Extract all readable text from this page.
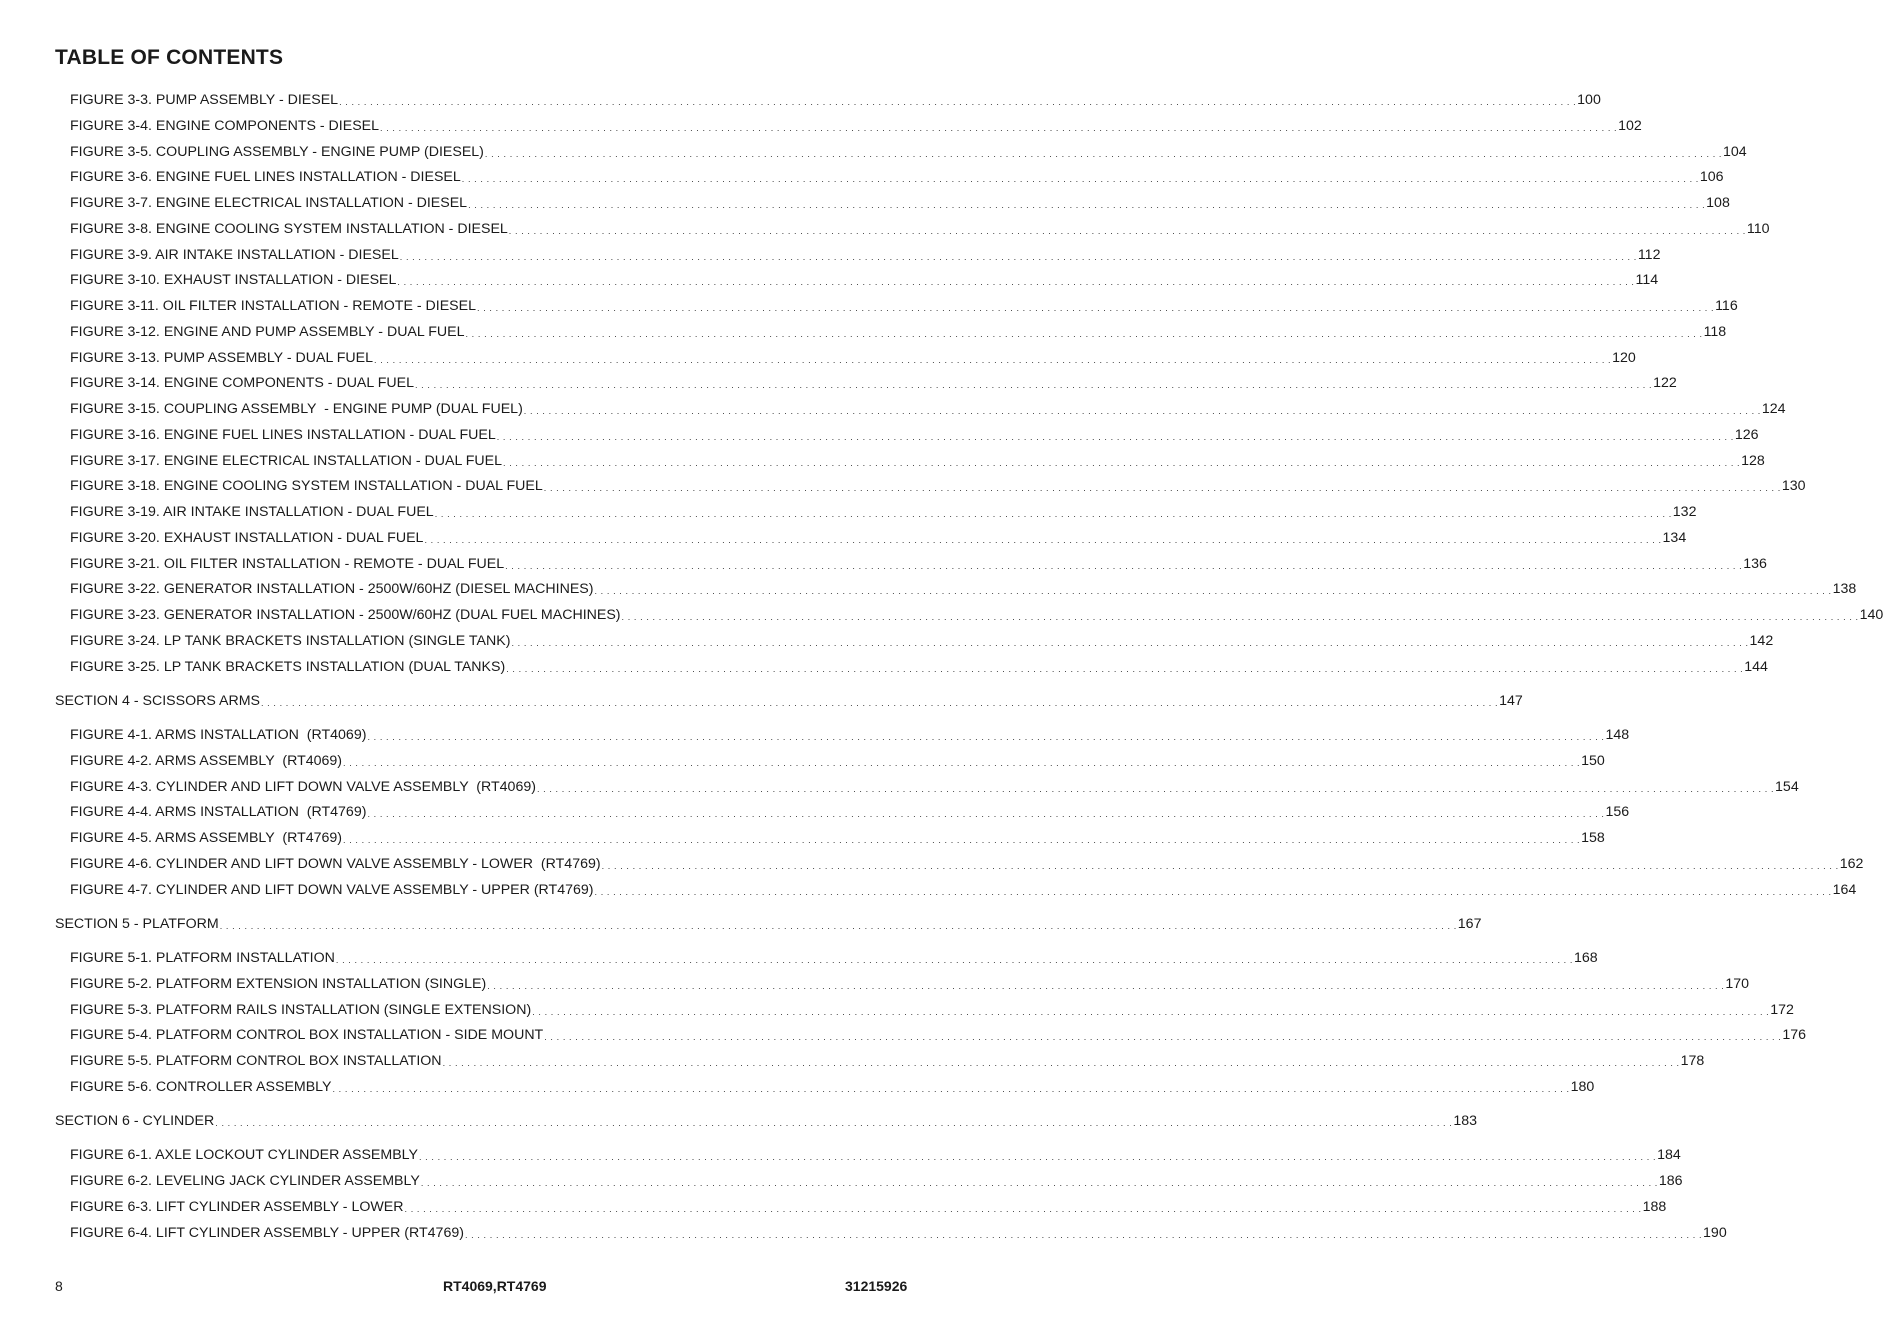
TABLE OF CONTENTS
FIGURE 3-3. PUMP ASSEMBLY - DIESEL . . . . . . . . . . . . . . . . . . . . . . . . . . . . . . . . . . . . . . . . . . . . . . . . . . . . . . . . . . . . . . . . . . . . . . . . . . . . . . . . . . . . . . . . . . . . . . . . . . . . . . . . . . . . . . . . . . . . . . . . . . . . . . . . . . . . . . . . . . . . . . . . . . . . . . . . . . . . . . . . . . . . . . . . . . . . . . . . . . . . . . . . . . . . . . . . . . . . . . . . 100
FIGURE 3-4. ENGINE COMPONENTS - DIESEL . . . . . . . . . . . . . . . . . . . . . . . . . . . . . . . . . . . . . . . . . . . . . . . . . . . . . . . . . . . . . . . . . . . . . . . . . . . . . . . . . . . . . . . . . . . . . . . . . . . . . . . . . . . . . . . . . . . . . . . . . . . . . . . . . . . . . . . . . . . . . . . . . . . . . . . . . . . . . . . . . . . . . . . . . . . . . . . . . . . . . . . . . . . . . . . . . . . . . . . . 102
FIGURE 3-5. COUPLING ASSEMBLY - ENGINE PUMP (DIESEL) . . . . . . . . . . . . . . . . . . . . . . . . . . . . . . . . . . . . . . . . . . . . . . . . . . . . . . . . . . . . . . . . . . . . . . . . . . . . . . . . . . . . . . . . . . . . . . . . . . . . . . . . . . . . . . . . . . . . . . . . . . . . . . . . . . . . . . . . . . . . . . . . . . . . . . . . . . . . . . . . . . . . . . . . . . . . . . . . . . . . . . . . . . . . . . . . . . . . . . . . 104
FIGURE 3-6. ENGINE FUEL LINES INSTALLATION - DIESEL . . . . . . . . . . . . . . . . . . . . . . . . . . . . . . . . . . . . . . . . . . . . . . . . . . . . . . . . . . . . . . . . . . . . . . . . . . . . . . . . . . . . . . . . . . . . . . . . . . . . . . . . . . . . . . . . . . . . . . . . . . . . . . . . . . . . . . . . . . . . . . . . . . . . . . . . . . . . . . . . . . . . . . . . . . . . . . . . . . . . . . . . . . . . . . . . . . . . . . . . 106
FIGURE 3-7. ENGINE ELECTRICAL INSTALLATION - DIESEL . . . . . . . . . . . . . . . . . . . . . . . . . . . . . . . . . . . . . . . . . . . . . . . . . . . . . . . . . . . . . . . . . . . . . . . . . . . . . . . . . . . . . . . . . . . . . . . . . . . . . . . . . . . . . . . . . . . . . . . . . . . . . . . . . . . . . . . . . . . . . . . . . . . . . . . . . . . . . . . . . . . . . . . . . . . . . . . . . . . . . . . . . . . . . . . . . . . . . . . . 108
FIGURE 3-8. ENGINE COOLING SYSTEM INSTALLATION - DIESEL . . . . . . . . . . . . . . . . . . . . . . . . . . . . . . . . . . . . . . . . . . . . . . . . . . . . . . . . . . . . . . . . . . . . . . . . . . . . . . . . . . . . . . . . . . . . . . . . . . . . . . . . . . . . . . . . . . . . . . . . . . . . . . . . . . . . . . . . . . . . . . . . . . . . . . . . . . . . . . . . . . . . . . . . . . . . . . . . . . . . . . . . . . . . . . . . . . . . . . . . 110
FIGURE 3-9. AIR INTAKE INSTALLATION - DIESEL . . . . . . . . . . . . . . . . . . . . . . . . . . . . . . . . . . . . . . . . . . . . . . . . . . . . . . . . . . . . . . . . . . . . . . . . . . . . . . . . . . . . . . . . . . . . . . . . . . . . . . . . . . . . . . . . . . . . . . . . . . . . . . . . . . . . . . . . . . . . . . . . . . . . . . . . . . . . . . . . . . . . . . . . . . . . . . . . . . . . . . . . . . . . . . . . . . . . . . . . 112
FIGURE 3-10. EXHAUST INSTALLATION - DIESEL . . . . . . . . . . . . . . . . . . . . . . . . . . . . . . . . . . . . . . . . . . . . . . . . . . . . . . . . . . . . . . . . . . . . . . . . . . . . . . . . . . . . . . . . . . . . . . . . . . . . . . . . . . . . . . . . . . . . . . . . . . . . . . . . . . . . . . . . . . . . . . . . . . . . . . . . . . . . . . . . . . . . . . . . . . . . . . . . . . . . . . . . . . . . . . . . . . . . . . . . 114
FIGURE 3-11. OIL FILTER INSTALLATION - REMOTE - DIESEL . . . . . . . . . . . . . . . . . . . . . . . . . . . . . . . . . . . . . . . . . . . . . . . . . . . . . . . . . . . . . . . . . . . . . . . . . . . . . . . . . . . . . . . . . . . . . . . . . . . . . . . . . . . . . . . . . . . . . . . . . . . . . . . . . . . . . . . . . . . . . . . . . . . . . . . . . . . . . . . . . . . . . . . . . . . . . . . . . . . . . . . . . . . . . . . . . . . . . . . . 116
FIGURE 3-12. ENGINE AND PUMP ASSEMBLY - DUAL FUEL . . . . . . . . . . . . . . . . . . . . . . . . . . . . . . . . . . . . . . . . . . . . . . . . . . . . . . . . . . . . . . . . . . . . . . . . . . . . . . . . . . . . . . . . . . . . . . . . . . . . . . . . . . . . . . . . . . . . . . . . . . . . . . . . . . . . . . . . . . . . . . . . . . . . . . . . . . . . . . . . . . . . . . . . . . . . . . . . . . . . . . . . . . . . . . . . . . . . . . . . 118
FIGURE 3-13. PUMP ASSEMBLY - DUAL FUEL . . . . . . . . . . . . . . . . . . . . . . . . . . . . . . . . . . . . . . . . . . . . . . . . . . . . . . . . . . . . . . . . . . . . . . . . . . . . . . . . . . . . . . . . . . . . . . . . . . . . . . . . . . . . . . . . . . . . . . . . . . . . . . . . . . . . . . . . . . . . . . . . . . . . . . . . . . . . . . . . . . . . . . . . . . . . . . . . . . . . . . . . . . . . . . . . . . . . . . . . 120
FIGURE 3-14. ENGINE COMPONENTS - DUAL FUEL . . . . . . . . . . . . . . . . . . . . . . . . . . . . . . . . . . . . . . . . . . . . . . . . . . . . . . . . . . . . . . . . . . . . . . . . . . . . . . . . . . . . . . . . . . . . . . . . . . . . . . . . . . . . . . . . . . . . . . . . . . . . . . . . . . . . . . . . . . . . . . . . . . . . . . . . . . . . . . . . . . . . . . . . . . . . . . . . . . . . . . . . . . . . . . . . . . . . . . . . 122
FIGURE 3-15. COUPLING ASSEMBLY  - ENGINE PUMP (DUAL FUEL) . . . . . . . . . . . . . . . . . . . . . . . . . . . . . . . . . . . . . . . . . . . . . . . . . . . . . . . . . . . . . . . . . . . . . . . . . . . . . . . . . . . . . . . . . . . . . . . . . . . . . . . . . . . . . . . . . . . . . . . . . . . . . . . . . . . . . . . . . . . . . . . . . . . . . . . . . . . . . . . . . . . . . . . . . . . . . . . . . . . . . . . . . . . . . . . . . . . . . . . . 124
FIGURE 3-16. ENGINE FUEL LINES INSTALLATION - DUAL FUEL . . . . . . . . . . . . . . . . . . . . . . . . . . . . . . . . . . . . . . . . . . . . . . . . . . . . . . . . . . . . . . . . . . . . . . . . . . . . . . . . . . . . . . . . . . . . . . . . . . . . . . . . . . . . . . . . . . . . . . . . . . . . . . . . . . . . . . . . . . . . . . . . . . . . . . . . . . . . . . . . . . . . . . . . . . . . . . . . . . . . . . . . . . . . . . . . . . . . . . . . 126
FIGURE 3-17. ENGINE ELECTRICAL INSTALLATION - DUAL FUEL . . . . . . . . . . . . . . . . . . . . . . . . . . . . . . . . . . . . . . . . . . . . . . . . . . . . . . . . . . . . . . . . . . . . . . . . . . . . . . . . . . . . . . . . . . . . . . . . . . . . . . . . . . . . . . . . . . . . . . . . . . . . . . . . . . . . . . . . . . . . . . . . . . . . . . . . . . . . . . . . . . . . . . . . . . . . . . . . . . . . . . . . . . . . . . . . . . . . . . . . 128
FIGURE 3-18. ENGINE COOLING SYSTEM INSTALLATION - DUAL FUEL . . . . . . . . . . . . . . . . . . . . . . . . . . . . . . . . . . . . . . . . . . . . . . . . . . . . . . . . . . . . . . . . . . . . . . . . . . . . . . . . . . . . . . . . . . . . . . . . . . . . . . . . . . . . . . . . . . . . . . . . . . . . . . . . . . . . . . . . . . . . . . . . . . . . . . . . . . . . . . . . . . . . . . . . . . . . . . . . . . . . . . . . . . . . . . . . . . . . . . . . 130
FIGURE 3-19. AIR INTAKE INSTALLATION - DUAL FUEL . . . . . . . . . . . . . . . . . . . . . . . . . . . . . . . . . . . . . . . . . . . . . . . . . . . . . . . . . . . . . . . . . . . . . . . . . . . . . . . . . . . . . . . . . . . . . . . . . . . . . . . . . . . . . . . . . . . . . . . . . . . . . . . . . . . . . . . . . . . . . . . . . . . . . . . . . . . . . . . . . . . . . . . . . . . . . . . . . . . . . . . . . . . . . . . . . . . . . . . . 132
FIGURE 3-20. EXHAUST INSTALLATION - DUAL FUEL . . . . . . . . . . . . . . . . . . . . . . . . . . . . . . . . . . . . . . . . . . . . . . . . . . . . . . . . . . . . . . . . . . . . . . . . . . . . . . . . . . . . . . . . . . . . . . . . . . . . . . . . . . . . . . . . . . . . . . . . . . . . . . . . . . . . . . . . . . . . . . . . . . . . . . . . . . . . . . . . . . . . . . . . . . . . . . . . . . . . . . . . . . . . . . . . . . . . . . . . 134
FIGURE 3-21. OIL FILTER INSTALLATION - REMOTE - DUAL FUEL . . . . . . . . . . . . . . . . . . . . . . . . . . . . . . . . . . . . . . . . . . . . . . . . . . . . . . . . . . . . . . . . . . . . . . . . . . . . . . . . . . . . . . . . . . . . . . . . . . . . . . . . . . . . . . . . . . . . . . . . . . . . . . . . . . . . . . . . . . . . . . . . . . . . . . . . . . . . . . . . . . . . . . . . . . . . . . . . . . . . . . . . . . . . . . . . . . . . . . . . 136
FIGURE 3-22. GENERATOR INSTALLATION - 2500W/60HZ (DIESEL MACHINES) . . . . . . . . . . . . . . . . . . . . . . . . . . . . . . . . . . . . . . . . . . . . . . . . . . . . . . . . . . . . . . . . . . . . . . . . . . . . . . . . . . . . . . . . . . . . . . . . . . . . . . . . . . . . . . . . . . . . . . . . . . . . . . . . . . . . . . . . . . . . . . . . . . . . . . . . . . . . . . . . . . . . . . . . . . . . . . . . . . . . . . . . . . . . . . . . . . . . . . . . 138
FIGURE 3-23. GENERATOR INSTALLATION - 2500W/60HZ (DUAL FUEL MACHINES) . . . . . . . . . . . . . . . . . . . . . . . . . . . . . . . . . . . . . . . . . . . . . . . . . . . . . . . . . . . . . . . . . . . . . . . . . . . . . . . . . . . . . . . . . . . . . . . . . . . . . . . . . . . . . . . . . . . . . . . . . . . . . . . . . . . . . . . . . . . . . . . . . . . . . . . . . . . . . . . . . . . . . . . . . . . . . . . . . . . . . . . . . . . . . . . . . . . . . . . . 140
FIGURE 3-24. LP TANK BRACKETS INSTALLATION (SINGLE TANK) . . . . . . . . . . . . . . . . . . . . . . . . . . . . . . . . . . . . . . . . . . . . . . . . . . . . . . . . . . . . . . . . . . . . . . . . . . . . . . . . . . . . . . . . . . . . . . . . . . . . . . . . . . . . . . . . . . . . . . . . . . . . . . . . . . . . . . . . . . . . . . . . . . . . . . . . . . . . . . . . . . . . . . . . . . . . . . . . . . . . . . . . . . . . . . . . . . . . . . . . 142
FIGURE 3-25. LP TANK BRACKETS INSTALLATION (DUAL TANKS) . . . . . . . . . . . . . . . . . . . . . . . . . . . . . . . . . . . . . . . . . . . . . . . . . . . . . . . . . . . . . . . . . . . . . . . . . . . . . . . . . . . . . . . . . . . . . . . . . . . . . . . . . . . . . . . . . . . . . . . . . . . . . . . . . . . . . . . . . . . . . . . . . . . . . . . . . . . . . . . . . . . . . . . . . . . . . . . . . . . . . . . . . . . . . . . . . . . . . . . . 144
SECTION 4 - SCISSORS ARMS . . . . . . . . . . . . . . . . . . . . . . . . . . . . . . . . . . . . . . . . . . . . . . . . . . . . . . . . . . . . . . . . . . . . . . . . . . . . . . . . . . . . . . . . . . . . . . . . . . . . . . . . . . . . . . . . . . . . . . . . . . . . . . . . . . . . . . . . . . . . . . . . . . . . . . . . . . . . . . . . . . . . . . . . . . . . . . . . . . . . . . . . . . . . . . . . . . . . . . . . 147
FIGURE 4-1. ARMS INSTALLATION  (RT4069) . . . . . . . . . . . . . . . . . . . . . . . . . . . . . . . . . . . . . . . . . . . . . . . . . . . . . . . . . . . . . . . . . . . . . . . . . . . . . . . . . . . . . . . . . . . . . . . . . . . . . . . . . . . . . . . . . . . . . . . . . . . . . . . . . . . . . . . . . . . . . . . . . . . . . . . . . . . . . . . . . . . . . . . . . . . . . . . . . . . . . . . . . . . . . . . . . . . . . . . . 148
FIGURE 4-2. ARMS ASSEMBLY  (RT4069) . . . . . . . . . . . . . . . . . . . . . . . . . . . . . . . . . . . . . . . . . . . . . . . . . . . . . . . . . . . . . . . . . . . . . . . . . . . . . . . . . . . . . . . . . . . . . . . . . . . . . . . . . . . . . . . . . . . . . . . . . . . . . . . . . . . . . . . . . . . . . . . . . . . . . . . . . . . . . . . . . . . . . . . . . . . . . . . . . . . . . . . . . . . . . . . . . . . . . . . . 150
FIGURE 4-3. CYLINDER AND LIFT DOWN VALVE ASSEMBLY  (RT4069) . . . . . . . . . . . . . . . . . . . . . . . . . . . . . . . . . . . . . . . . . . . . . . . . . . . . . . . . . . . . . . . . . . . . . . . . . . . . . . . . . . . . . . . . . . . . . . . . . . . . . . . . . . . . . . . . . . . . . . . . . . . . . . . . . . . . . . . . . . . . . . . . . . . . . . . . . . . . . . . . . . . . . . . . . . . . . . . . . . . . . . . . . . . . . . . . . . . . . . . . 154
FIGURE 4-4. ARMS INSTALLATION  (RT4769) . . . . . . . . . . . . . . . . . . . . . . . . . . . . . . . . . . . . . . . . . . . . . . . . . . . . . . . . . . . . . . . . . . . . . . . . . . . . . . . . . . . . . . . . . . . . . . . . . . . . . . . . . . . . . . . . . . . . . . . . . . . . . . . . . . . . . . . . . . . . . . . . . . . . . . . . . . . . . . . . . . . . . . . . . . . . . . . . . . . . . . . . . . . . . . . . . . . . . . . . 156
FIGURE 4-5. ARMS ASSEMBLY  (RT4769) . . . . . . . . . . . . . . . . . . . . . . . . . . . . . . . . . . . . . . . . . . . . . . . . . . . . . . . . . . . . . . . . . . . . . . . . . . . . . . . . . . . . . . . . . . . . . . . . . . . . . . . . . . . . . . . . . . . . . . . . . . . . . . . . . . . . . . . . . . . . . . . . . . . . . . . . . . . . . . . . . . . . . . . . . . . . . . . . . . . . . . . . . . . . . . . . . . . . . . . . 158
FIGURE 4-6. CYLINDER AND LIFT DOWN VALVE ASSEMBLY - LOWER  (RT4769) . . . . . . . . . . . . . . . . . . . . . . . . . . . . . . . . . . . . . . . . . . . . . . . . . . . . . . . . . . . . . . . . . . . . . . . . . . . . . . . . . . . . . . . . . . . . . . . . . . . . . . . . . . . . . . . . . . . . . . . . . . . . . . . . . . . . . . . . . . . . . . . . . . . . . . . . . . . . . . . . . . . . . . . . . . . . . . . . . . . . . . . . . . . . . . . . . . . . . . . . 162
FIGURE 4-7. CYLINDER AND LIFT DOWN VALVE ASSEMBLY - UPPER (RT4769) . . . . . . . . . . . . . . . . . . . . . . . . . . . . . . . . . . . . . . . . . . . . . . . . . . . . . . . . . . . . . . . . . . . . . . . . . . . . . . . . . . . . . . . . . . . . . . . . . . . . . . . . . . . . . . . . . . . . . . . . . . . . . . . . . . . . . . . . . . . . . . . . . . . . . . . . . . . . . . . . . . . . . . . . . . . . . . . . . . . . . . . . . . . . . . . . . . . . . . . . 164
SECTION 5 - PLATFORM . . . . . . . . . . . . . . . . . . . . . . . . . . . . . . . . . . . . . . . . . . . . . . . . . . . . . . . . . . . . . . . . . . . . . . . . . . . . . . . . . . . . . . . . . . . . . . . . . . . . . . . . . . . . . . . . . . . . . . . . . . . . . . . . . . . . . . . . . . . . . . . . . . . . . . . . . . . . . . . . . . . . . . . . . . . . . . . . . . . . . . . . . . . . . . . . . . . . . . . . 167
FIGURE 5-1. PLATFORM INSTALLATION . . . . . . . . . . . . . . . . . . . . . . . . . . . . . . . . . . . . . . . . . . . . . . . . . . . . . . . . . . . . . . . . . . . . . . . . . . . . . . . . . . . . . . . . . . . . . . . . . . . . . . . . . . . . . . . . . . . . . . . . . . . . . . . . . . . . . . . . . . . . . . . . . . . . . . . . . . . . . . . . . . . . . . . . . . . . . . . . . . . . . . . . . . . . . . . . . . . . . . . . 168
FIGURE 5-2. PLATFORM EXTENSION INSTALLATION (SINGLE) . . . . . . . . . . . . . . . . . . . . . . . . . . . . . . . . . . . . . . . . . . . . . . . . . . . . . . . . . . . . . . . . . . . . . . . . . . . . . . . . . . . . . . . . . . . . . . . . . . . . . . . . . . . . . . . . . . . . . . . . . . . . . . . . . . . . . . . . . . . . . . . . . . . . . . . . . . . . . . . . . . . . . . . . . . . . . . . . . . . . . . . . . . . . . . . . . . . . . . . . 170
FIGURE 5-3. PLATFORM RAILS INSTALLATION (SINGLE EXTENSION) . . . . . . . . . . . . . . . . . . . . . . . . . . . . . . . . . . . . . . . . . . . . . . . . . . . . . . . . . . . . . . . . . . . . . . . . . . . . . . . . . . . . . . . . . . . . . . . . . . . . . . . . . . . . . . . . . . . . . . . . . . . . . . . . . . . . . . . . . . . . . . . . . . . . . . . . . . . . . . . . . . . . . . . . . . . . . . . . . . . . . . . . . . . . . . . . . . . . . . . . 172
FIGURE 5-4. PLATFORM CONTROL BOX INSTALLATION - SIDE MOUNT . . . . . . . . . . . . . . . . . . . . . . . . . . . . . . . . . . . . . . . . . . . . . . . . . . . . . . . . . . . . . . . . . . . . . . . . . . . . . . . . . . . . . . . . . . . . . . . . . . . . . . . . . . . . . . . . . . . . . . . . . . . . . . . . . . . . . . . . . . . . . . . . . . . . . . . . . . . . . . . . . . . . . . . . . . . . . . . . . . . . . . . . . . . . . . . . . . . . . . . . 176
FIGURE 5-5. PLATFORM CONTROL BOX INSTALLATION . . . . . . . . . . . . . . . . . . . . . . . . . . . . . . . . . . . . . . . . . . . . . . . . . . . . . . . . . . . . . . . . . . . . . . . . . . . . . . . . . . . . . . . . . . . . . . . . . . . . . . . . . . . . . . . . . . . . . . . . . . . . . . . . . . . . . . . . . . . . . . . . . . . . . . . . . . . . . . . . . . . . . . . . . . . . . . . . . . . . . . . . . . . . . . . . . . . . . . . . 178
FIGURE 5-6. CONTROLLER ASSEMBLY . . . . . . . . . . . . . . . . . . . . . . . . . . . . . . . . . . . . . . . . . . . . . . . . . . . . . . . . . . . . . . . . . . . . . . . . . . . . . . . . . . . . . . . . . . . . . . . . . . . . . . . . . . . . . . . . . . . . . . . . . . . . . . . . . . . . . . . . . . . . . . . . . . . . . . . . . . . . . . . . . . . . . . . . . . . . . . . . . . . . . . . . . . . . . . . . . . . . . . . . 180
SECTION 6 - CYLINDER . . . . . . . . . . . . . . . . . . . . . . . . . . . . . . . . . . . . . . . . . . . . . . . . . . . . . . . . . . . . . . . . . . . . . . . . . . . . . . . . . . . . . . . . . . . . . . . . . . . . . . . . . . . . . . . . . . . . . . . . . . . . . . . . . . . . . . . . . . . . . . . . . . . . . . . . . . . . . . . . . . . . . . . . . . . . . . . . . . . . . . . . . . . . . . . . . . . . . . . . 183
FIGURE 6-1. AXLE LOCKOUT CYLINDER ASSEMBLY . . . . . . . . . . . . . . . . . . . . . . . . . . . . . . . . . . . . . . . . . . . . . . . . . . . . . . . . . . . . . . . . . . . . . . . . . . . . . . . . . . . . . . . . . . . . . . . . . . . . . . . . . . . . . . . . . . . . . . . . . . . . . . . . . . . . . . . . . . . . . . . . . . . . . . . . . . . . . . . . . . . . . . . . . . . . . . . . . . . . . . . . . . . . . . . . . . . . . . . . 184
FIGURE 6-2. LEVELING JACK CYLINDER ASSEMBLY . . . . . . . . . . . . . . . . . . . . . . . . . . . . . . . . . . . . . . . . . . . . . . . . . . . . . . . . . . . . . . . . . . . . . . . . . . . . . . . . . . . . . . . . . . . . . . . . . . . . . . . . . . . . . . . . . . . . . . . . . . . . . . . . . . . . . . . . . . . . . . . . . . . . . . . . . . . . . . . . . . . . . . . . . . . . . . . . . . . . . . . . . . . . . . . . . . . . . . . . 186
FIGURE 6-3. LIFT CYLINDER ASSEMBLY - LOWER . . . . . . . . . . . . . . . . . . . . . . . . . . . . . . . . . . . . . . . . . . . . . . . . . . . . . . . . . . . . . . . . . . . . . . . . . . . . . . . . . . . . . . . . . . . . . . . . . . . . . . . . . . . . . . . . . . . . . . . . . . . . . . . . . . . . . . . . . . . . . . . . . . . . . . . . . . . . . . . . . . . . . . . . . . . . . . . . . . . . . . . . . . . . . . . . . . . . . . . . 188
FIGURE 6-4. LIFT CYLINDER ASSEMBLY - UPPER (RT4769) . . . . . . . . . . . . . . . . . . . . . . . . . . . . . . . . . . . . . . . . . . . . . . . . . . . . . . . . . . . . . . . . . . . . . . . . . . . . . . . . . . . . . . . . . . . . . . . . . . . . . . . . . . . . . . . . . . . . . . . . . . . . . . . . . . . . . . . . . . . . . . . . . . . . . . . . . . . . . . . . . . . . . . . . . . . . . . . . . . . . . . . . . . . . . . . . . . . . . . . . 190
8	RT4069,RT4769	31215926
